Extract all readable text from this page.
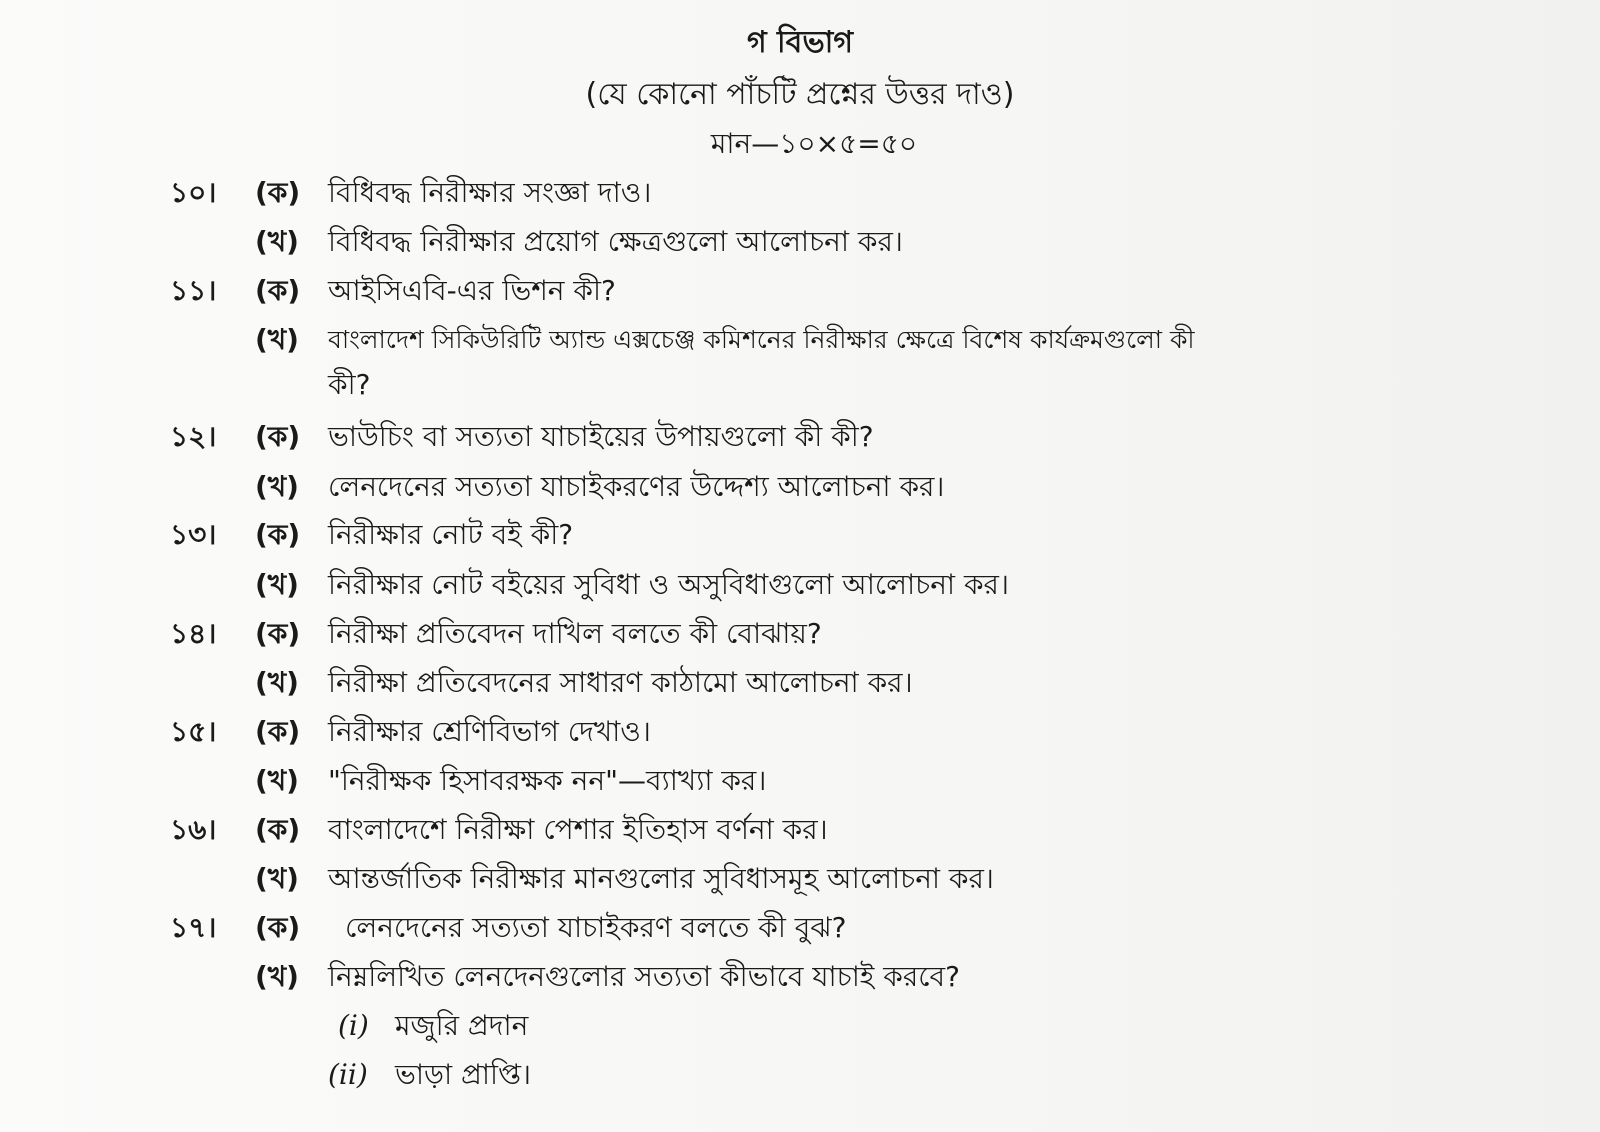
গ বিভাগ
(যে কোনো পাঁচটি প্রশ্নের উত্তর দাও)
মান—১০×৫=৫০
১০। (ক) বিধিবদ্ধ নিরীক্ষার সংজ্ঞা দাও।
(খ) বিধিবদ্ধ নিরীক্ষার প্রয়োগ ক্ষেত্রগুলো আলোচনা কর।
১১। (ক) আইসিএবি-এর ভিশন কী?
(খ) বাংলাদেশ সিকিউরিটি অ্যান্ড এক্সচেঞ্জ কমিশনের নিরীক্ষার ক্ষেত্রে বিশেষ কার্যক্রমগুলো কী
কী?
১২। (ক) ভাউচিং বা সত্যতা যাচাইয়ের উপায়গুলো কী কী?
(খ) লেনদেনের সত্যতা যাচাইকরণের উদ্দেশ্য আলোচনা কর।
১৩। (ক) নিরীক্ষার নোট বই কী?
(খ) নিরীক্ষার নোট বইয়ের সুবিধা ও অসুবিধাগুলো আলোচনা কর।
১৪। (ক) নিরীক্ষা প্রতিবেদন দাখিল বলতে কী বোঝায়?
(খ) নিরীক্ষা প্রতিবেদনের সাধারণ কাঠামো আলোচনা কর।
১৫। (ক) নিরীক্ষার শ্রেণিবিভাগ দেখাও।
(খ) "নিরীক্ষক হিসাবরক্ষক নন"—ব্যাখ্যা কর।
১৬। (ক) বাংলাদেশে নিরীক্ষা পেশার ইতিহাস বর্ণনা কর।
(খ) আন্তর্জাতিক নিরীক্ষার মানগুলোর সুবিধাসমূহ আলোচনা কর।
১৭। (ক) লেনদেনের সত্যতা যাচাইকরণ বলতে কী বুঝ?
(খ) নিম্নলিখিত লেনদেনগুলোর সত্যতা কীভাবে যাচাই করবে?
(i) মজুরি প্রদান
(ii) ভাড়া প্রাপ্তি।
